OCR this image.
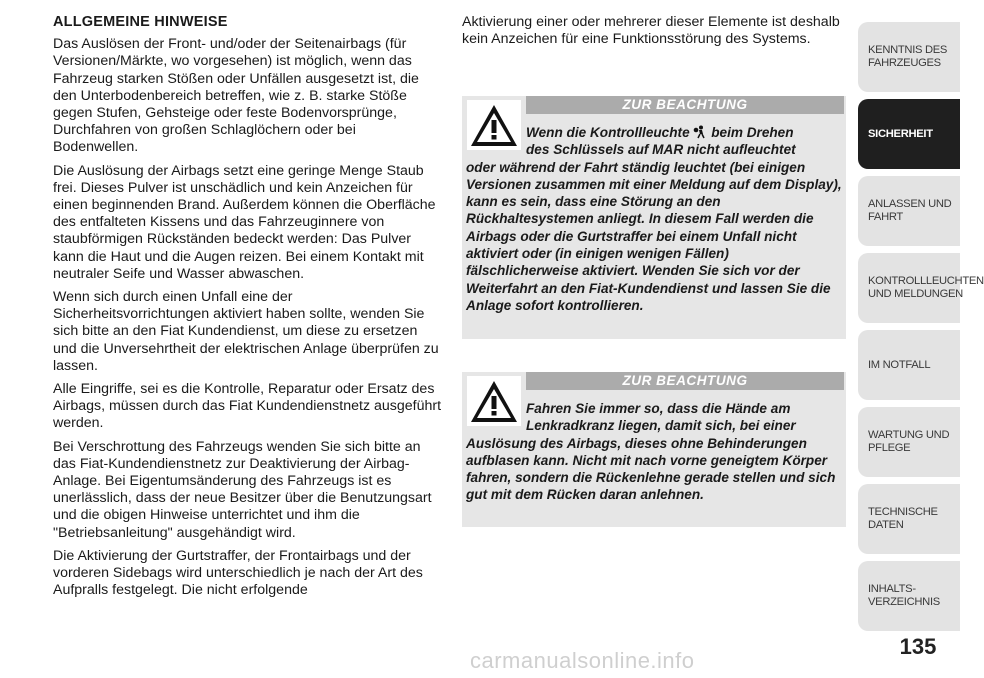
ALLGEMEINE HINWEISE

Das Auslösen der Front- und/oder der Seitenairbags (für Versionen/Märkte, wo vorgesehen) ist möglich, wenn das Fahrzeug starken Stößen oder Unfällen ausgesetzt ist, die den Unterbodenbereich betreffen, wie z. B. starke Stöße gegen Stufen, Gehsteige oder feste Bodenvorsprünge, Durchfahren von großen Schlaglöchern oder bei Bodenwellen.

Die Auslösung der Airbags setzt eine geringe Menge Staub frei. Dieses Pulver ist unschädlich und kein Anzeichen für einen beginnenden Brand. Außerdem können die Oberfläche des entfalteten Kissens und das Fahrzeuginnere von staubförmigen Rückständen bedeckt werden: Das Pulver kann die Haut und die Augen reizen. Bei einem Kontakt mit neutraler Seife und Wasser abwaschen.

Wenn sich durch einen Unfall eine der Sicherheitsvorrichtungen aktiviert haben sollte, wenden Sie sich bitte an den Fiat Kundendienst, um diese zu ersetzen und die Unversehrtheit der elektrischen Anlage überprüfen zu lassen.

Alle Eingriffe, sei es die Kontrolle, Reparatur oder Ersatz des Airbags, müssen durch das Fiat Kundendienstnetz ausgeführt werden.

Bei Verschrottung des Fahrzeugs wenden Sie sich bitte an das Fiat-Kundendienstnetz zur Deaktivierung der Airbag-Anlage. Bei Eigentumsänderung des Fahrzeugs ist es unerlässlich, dass der neue Besitzer über die Benutzungsart und die obigen Hinweise unterrichtet und ihm die "Betriebsanleitung" ausgehändigt wird.

Die Aktivierung der Gurtstraffer, der Frontairbags und der vorderen Sidebags wird unterschiedlich je nach der Art des Aufpralls festgelegt. Die nicht erfolgende

Aktivierung einer oder mehrerer dieser Elemente ist deshalb kein Anzeichen für eine Funktionsstörung des Systems.

ZUR BEACHTUNG
Wenn die Kontrollleuchte beim Drehen
des Schlüssels auf MAR nicht aufleuchtet
oder während der Fahrt ständig leuchtet (bei einigen Versionen zusammen mit einer Meldung auf dem Display), kann es sein, dass eine Störung an den Rückhaltesystemen anliegt. In diesem Fall werden die Airbags oder die Gurtstraffer bei einem Unfall nicht aktiviert oder (in einigen wenigen Fällen) fälschlicherweise aktiviert. Wenden Sie sich vor der Weiterfahrt an den Fiat-Kundendienst und lassen Sie die Anlage sofort kontrollieren.
ZUR BEACHTUNG
Fahren Sie immer so, dass die Hände am
Lenkradkranz liegen, damit sich, bei einer
Auslösung des Airbags, dieses ohne Behinderungen aufblasen kann. Nicht mit nach vorne geneigtem Körper fahren, sondern die Rückenlehne gerade stellen und sich gut mit dem Rücken daran anlehnen.
KENNTNIS DES
FAHRZEUGES
SICHERHEIT
ANLASSEN UND
FAHRT
KONTROLLLEUCHTEN
UND MELDUNGEN
IM NOTFALL
WARTUNG UND
PFLEGE
TECHNISCHE DATEN
INHALTS-
VERZEICHNIS
135
carmanualsonline.info
